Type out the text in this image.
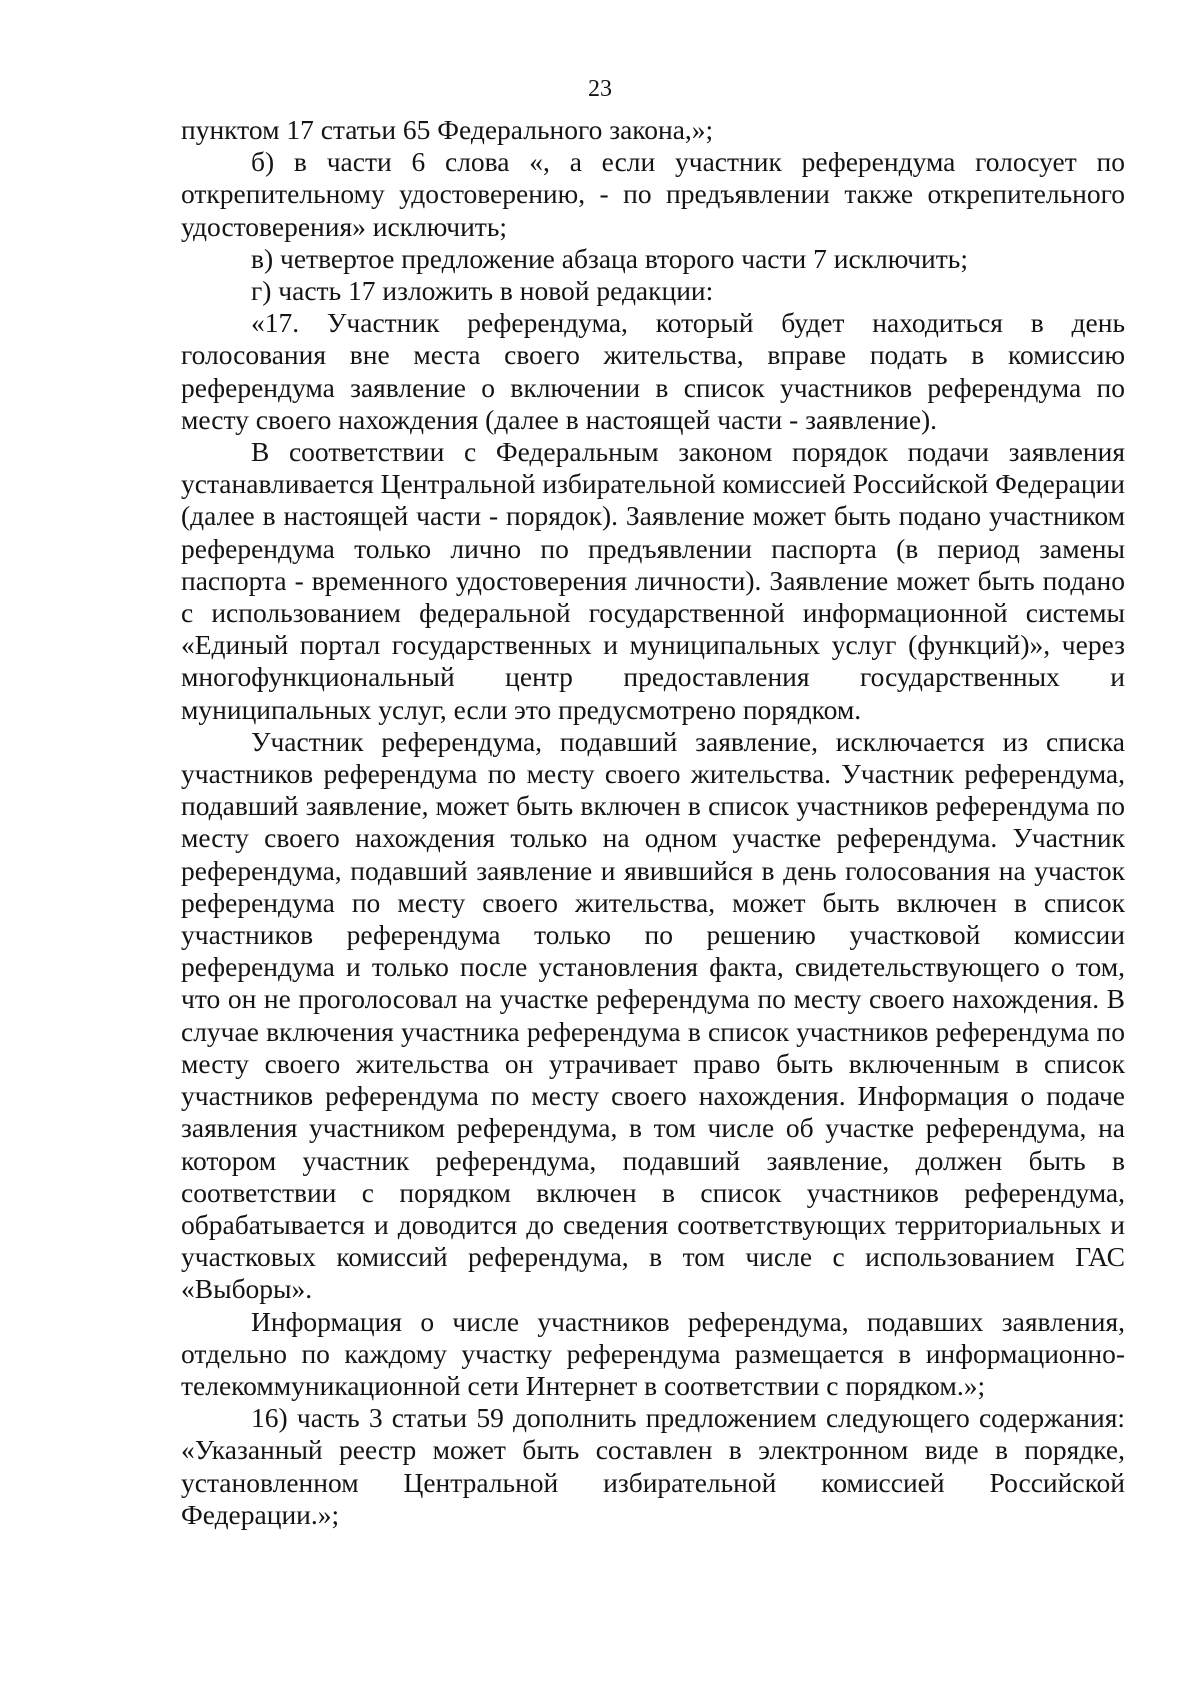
23

пунктом 17 статьи 65 Федерального закона,»;

б) в части 6 слова «, а если участник референдума голосует по открепительному удостоверению, - по предъявлении также открепительного удостоверения» исключить;

в) четвертое предложение абзаца второго части 7 исключить;

г) часть 17 изложить в новой редакции:

«17. Участник референдума, который будет находиться в день голосования вне места своего жительства, вправе подать в комиссию референдума заявление о включении в список участников референдума по месту своего нахождения (далее в настоящей части - заявление).

В соответствии с Федеральным законом порядок подачи заявления устанавливается Центральной избирательной комиссией Российской Федерации (далее в настоящей части - порядок). Заявление может быть подано участником референдума только лично по предъявлении паспорта (в период замены паспорта - временного удостоверения личности). Заявление может быть подано с использованием федеральной государственной информационной системы «Единый портал государственных и муниципальных услуг (функций)», через многофункциональный центр предоставления государственных и муниципальных услуг, если это предусмотрено порядком.

Участник референдума, подавший заявление, исключается из списка участников референдума по месту своего жительства. Участник референдума, подавший заявление, может быть включен в список участников референдума по месту своего нахождения только на одном участке референдума. Участник референдума, подавший заявление и явившийся в день голосования на участок референдума по месту своего жительства, может быть включен в список участников референдума только по решению участковой комиссии референдума и только после установления факта, свидетельствующего о том, что он не проголосовал на участке референдума по месту своего нахождения. В случае включения участника референдума в список участников референдума по месту своего жительства он утрачивает право быть включенным в список участников референдума по месту своего нахождения. Информация о подаче заявления участником референдума, в том числе об участке референдума, на котором участник референдума, подавший заявление, должен быть в соответствии с порядком включен в список участников референдума, обрабатывается и доводится до сведения соответствующих территориальных и участковых комиссий референдума, в том числе с использованием ГАС «Выборы».

Информация о числе участников референдума, подавших заявления, отдельно по каждому участку референдума размещается в информационно-телекоммуникационной сети Интернет в соответствии с порядком.»;

16) часть 3 статьи 59 дополнить предложением следующего содержания: «Указанный реестр может быть составлен в электронном виде в порядке, установленном Центральной избирательной комиссией Российской Федерации.»;
